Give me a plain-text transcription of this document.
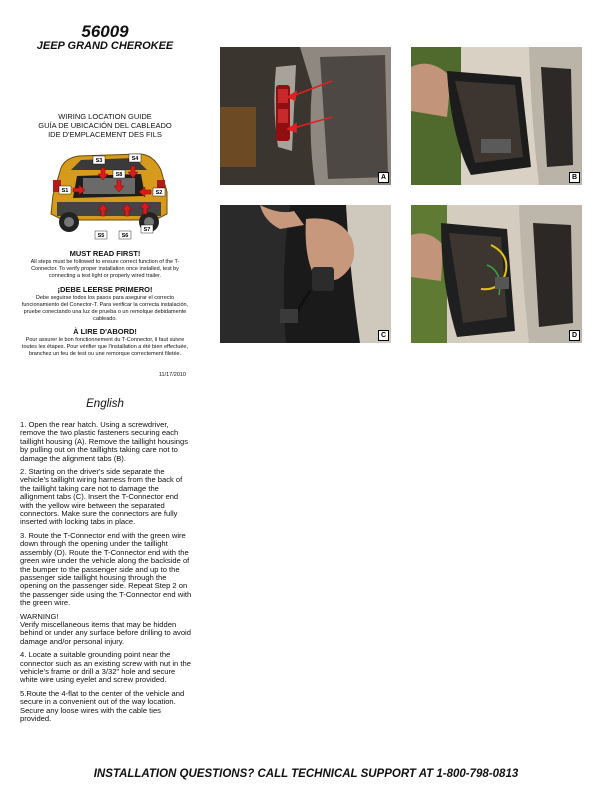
56009
JEEP GRAND CHEROKEE
WIRING LOCATION GUIDE
GUÍA DE UBICACIÓN DEL CABLEADO
IDE D'EMPLACEMENT DES FILS
S3	S4
S8
S1	S2
S5	S6
S7
MUST READ FIRST!

All steps must be followed to ensure correct function of the T-Connector. To verify proper installation once installed, test by connecting a test light or properly wired trailer.

¡DEBE LEERSE PRIMERO!

Debe seguirse todos los pasos para asegurar el correcto funcionamiento del Conector-T. Para verificar la correcta instalación, pruebe conectando una luz de prueba o un remolque debidamente cableado.

À LIRE D'ABORD!

Pour assurer le bon fonctionnement du T-Connector, il faut suivre toutes les étapes. Pour vérifier que l'installation a été bien effectuée, branchez un feu de test ou une remorque correctement filetée.

11/17/2010
English

1. Open the rear hatch. Using a screwdriver, remove the two plastic fasteners securing each taillight housing (A). Remove the taillight housings by pulling out on the taillights taking care not to damage the alignment tabs (B).

2. Starting on the driver's side separate the vehicle's taillight wiring harness from the back of the taillight taking care not to damage the allignment tabs (C). Insert the T-Connector end with the yellow wire between the separated connectors. Make sure the connectors are fully inserted with locking tabs in place.

3. Route the T-Connector end with the green wire down through the opening under the taillight assembly (D). Route the T-Connector end with the green wire under the vehicle along the backside of the bumper to the passenger side and up to the passenger side taillight housing through the opening on the passenger side. Repeat Step 2 on the passenger side using the T-Connector end with the green wire.

WARNING!
Verify miscellaneous items that may be hidden behind or under any surface before drilling to avoid damage and/or personal injury.

4. Locate a suitable grounding point near the connector such as an existing screw with nut in the vehicle's frame or drill a 3/32" hole and secure white wire using eyelet and screw provided.

5.Route the 4-flat to the center of the vehicle and secure in a convenient out of the way location. Secure any loose wires with the cable ties provided.

A	B
C	D
INSTALLATION QUESTIONS? CALL TECHNICAL SUPPORT AT 1-800-798-0813
